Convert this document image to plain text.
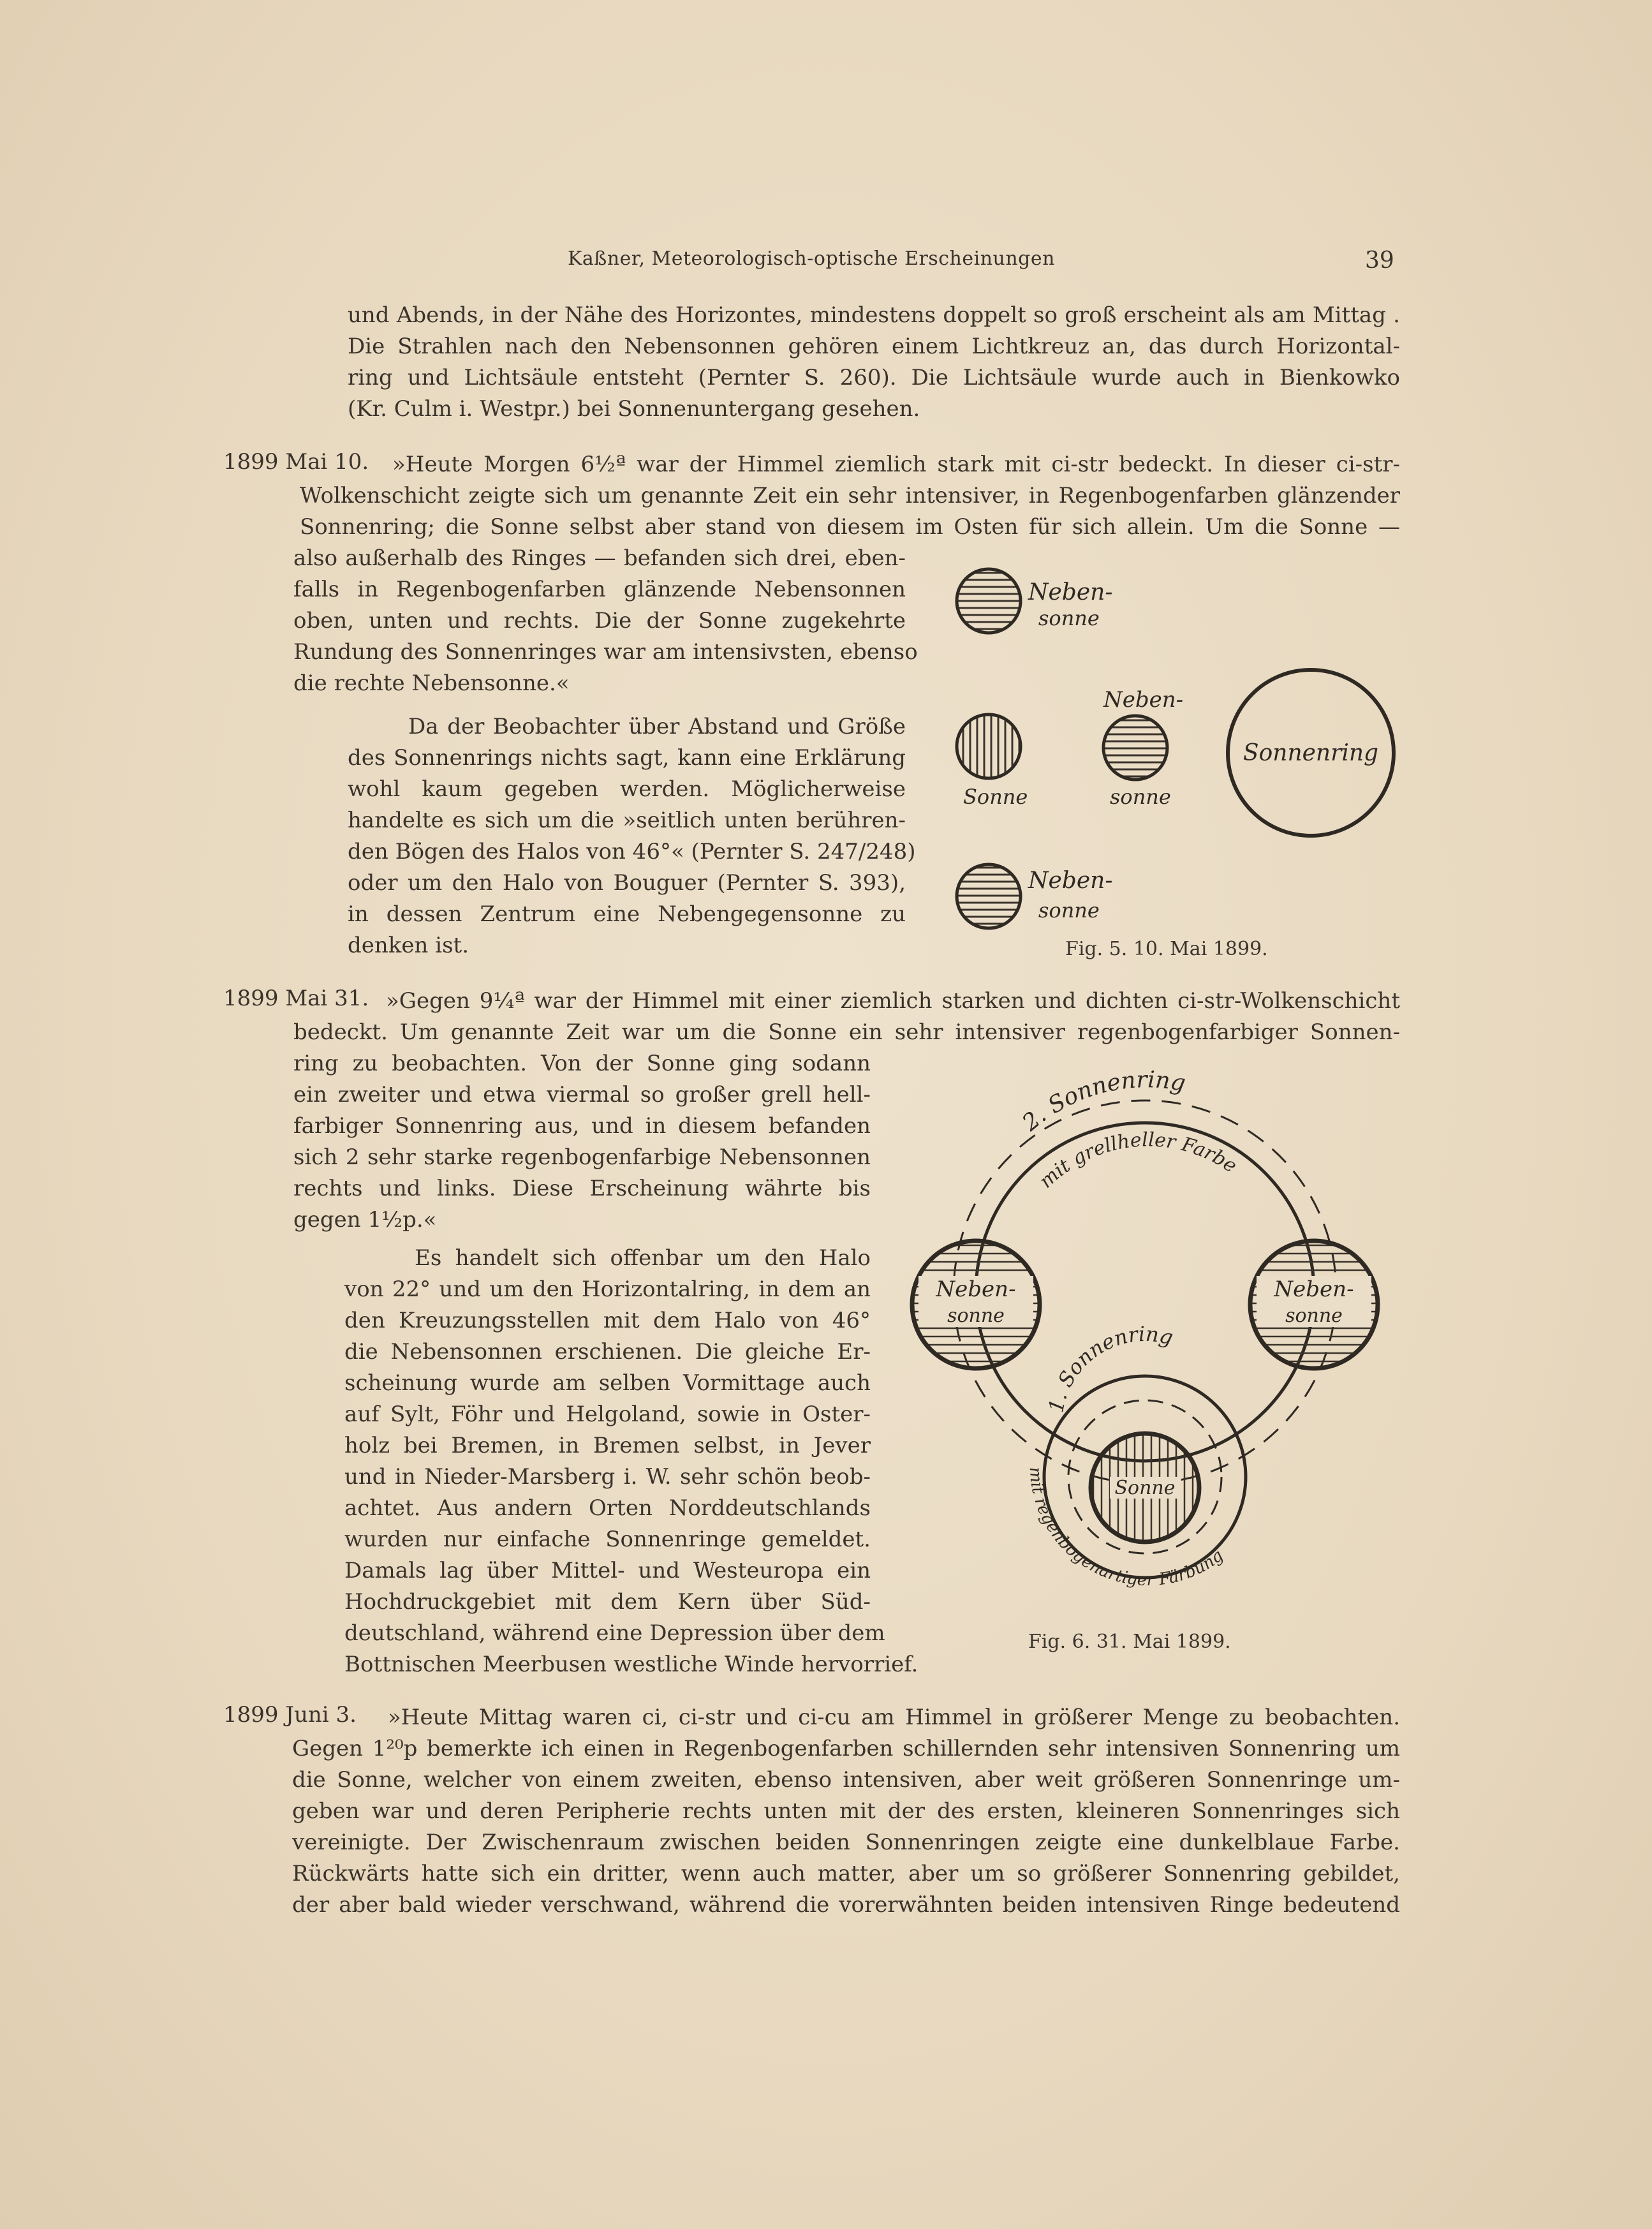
Kaßner, Meteorologisch-optische Erscheinungen	39
und Abends, in der Nähe des Horizontes, mindestens doppelt so groß erscheint als am Mittag .
Die Strahlen nach den Nebensonnen gehören einem Lichtkreuz an, das durch Horizontal-
ring und Lichtsäule entsteht (Pernter S. 260). Die Lichtsäule wurde auch in Bienkowko
(Kr. Culm i. Westpr.) bei Sonnenuntergang gesehen.
1899 Mai 10. »Heute Morgen 6½ª war der Himmel ziemlich stark mit ci-str bedeckt. In dieser ci-str-
Wolkenschicht zeigte sich um genannte Zeit ein sehr intensiver, in Regenbogenfarben glänzender
Sonnenring; die Sonne selbst aber stand von diesem im Osten für sich allein. Um die Sonne —
also außerhalb des Ringes — befanden sich drei, eben-
falls in Regenbogenfarben glänzende Nebensonnen
oben, unten und rechts. Die der Sonne zugekehrte
Rundung des Sonnenringes war am intensivsten, ebenso
die rechte Nebensonne.«
Da der Beobachter über Abstand und Größe
des Sonnenrings nichts sagt, kann eine Erklärung
wohl kaum gegeben werden. Möglicherweise
handelte es sich um die »seitlich unten berühren-
den Bögen des Halos von 46°« (Pernter S. 247/248)
oder um den Halo von Bouguer (Pernter S. 393),
in dessen Zentrum eine Nebengegensonne zu
denken ist.
Neben-
sonne
Sonne
Neben-
sonne
Sonnenring
Neben-
sonne
Fig. 5. 10. Mai 1899.
1899 Mai 31. »Gegen 9¼ª war der Himmel mit einer ziemlich starken und dichten ci-str-Wolkenschicht
bedeckt. Um genannte Zeit war um die Sonne ein sehr intensiver regenbogenfarbiger Sonnen-
ring zu beobachten. Von der Sonne ging sodann
ein zweiter und etwa viermal so großer grell hell-
farbiger Sonnenring aus, und in diesem befanden
sich 2 sehr starke regenbogenfarbige Nebensonnen
rechts und links. Diese Erscheinung währte bis
gegen 1½p.«
Es handelt sich offenbar um den Halo
von 22° und um den Horizontalring, in dem an
den Kreuzungsstellen mit dem Halo von 46°
die Nebensonnen erschienen. Die gleiche Er-
scheinung wurde am selben Vormittage auch
auf Sylt, Föhr und Helgoland, sowie in Oster-
holz bei Bremen, in Bremen selbst, in Jever
und in Nieder-Marsberg i. W. sehr schön beob-
achtet. Aus andern Orten Norddeutschlands
wurden nur einfache Sonnenringe gemeldet.
Damals lag über Mittel- und Westeuropa ein
Hochdruckgebiet mit dem Kern über Süd-
deutschland, während eine Depression über dem
Bottnischen Meerbusen westliche Winde hervorrief.
2. Sonnenring
mit grellheller Farbe
1. Sonnenring
mit regenbogenartiger Färbung
Sonne
Neben-
sonne
Neben-
sonne
Fig. 6. 31. Mai 1899.
1899 Juni 3. »Heute Mittag waren ci, ci-str und ci-cu am Himmel in größerer Menge zu beobachten.
Gegen 1²⁰p bemerkte ich einen in Regenbogenfarben schillernden sehr intensiven Sonnenring um
die Sonne, welcher von einem zweiten, ebenso intensiven, aber weit größeren Sonnenringe um-
geben war und deren Peripherie rechts unten mit der des ersten, kleineren Sonnenringes sich
vereinigte. Der Zwischenraum zwischen beiden Sonnenringen zeigte eine dunkelblaue Farbe.
Rückwärts hatte sich ein dritter, wenn auch matter, aber um so größerer Sonnenring gebildet,
der aber bald wieder verschwand, während die vorerwähnten beiden intensiven Ringe bedeutend
